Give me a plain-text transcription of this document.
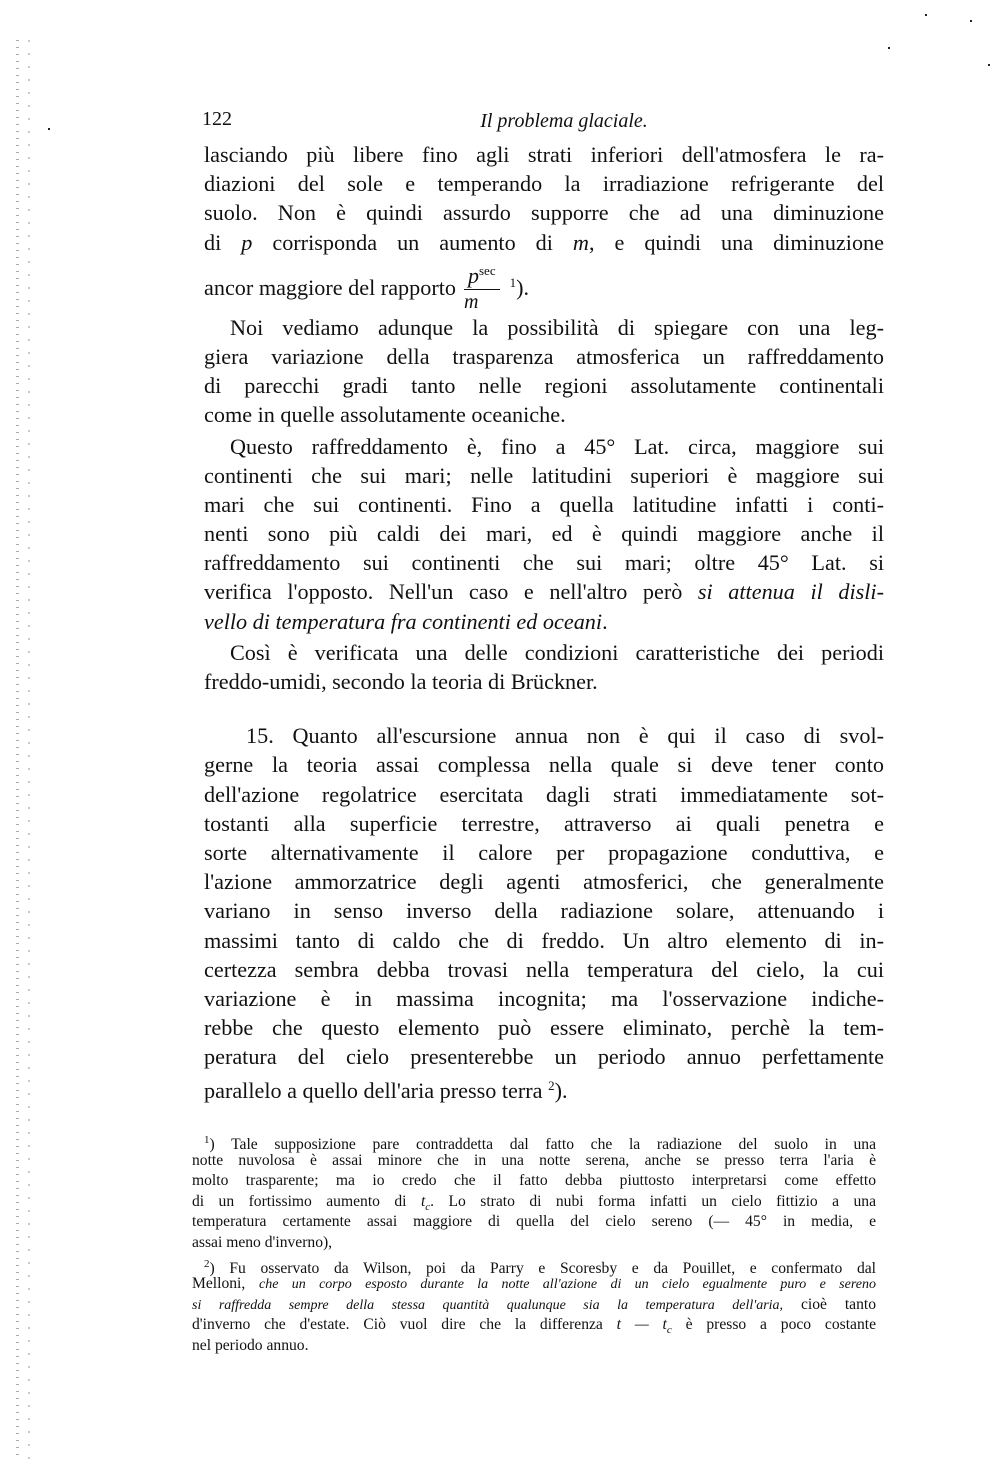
122	Il problema glaciale.
lasciando più libere fino agli strati inferiori dell'atmosfera le ra-
diazioni del sole e temperando la irradiazione refrigerante del
suolo. Non è quindi assurdo supporre che ad una diminuzione
di p corrisponda un aumento di m, e quindi una diminuzione
ancor maggiore del rapporto $\frac{p^{sec}}{m} ^1$).
Noi vediamo adunque la possibilità di spiegare con una leg-
giera variazione della trasparenza atmosferica un raffreddamento
di parecchi gradi tanto nelle regioni assolutamente continentali
come in quelle assolutamente oceaniche.
Questo raffreddamento è, fino a 45° Lat. circa, maggiore sui
continenti che sui mari; nelle latitudini superiori è maggiore sui
mari che sui continenti. Fino a quella latitudine infatti i conti-
nenti sono più caldi dei mari, ed è quindi maggiore anche il
raffreddamento sui continenti che sui mari; oltre 45° Lat. si
verifica l'opposto. Nell'un caso e nell'altro però si attenua il disli-
vello di temperatura fra continenti ed oceani.
Così è verificata una delle condizioni caratteristiche dei periodi
freddo-umidi, secondo la teoria di Brückner.
15. Quanto all'escursione annua non è qui il caso di svol-
gerne la teoria assai complessa nella quale si deve tener conto
dell'azione regolatrice esercitata dagli strati immediatamente sot-
tostanti alla superficie terrestre, attraverso ai quali penetra e
sorte alternativamente il calore per propagazione conduttiva, e
l'azione ammorzatrice degli agenti atmosferici, che generalmente
variano in senso inverso della radiazione solare, attenuando i
massimi tanto di caldo che di freddo. Un altro elemento di in-
certezza sembra debba trovasi nella temperatura del cielo, la cui
variazione è in massima incognita; ma l'osservazione indiche-
rebbe che questo elemento può essere eliminato, perchè la tem-
peratura del cielo presenterebbe un periodo annuo perfettamente
parallelo a quello dell'aria presso terra $^2$).
$^1$) Tale supposizione pare contraddetta dal fatto che la radiazione del suolo in una
notte nuvolosa è assai minore che in una notte serena, anche se presso terra l'aria è
molto trasparente; ma io credo che il fatto debba piuttosto interpretarsi come effetto
di un fortissimo aumento di $t_c$. Lo strato di nubi forma infatti un cielo fittizio a una
temperatura certamente assai maggiore di quella del cielo sereno (— 45° in media, e
assai meno d'inverno),
$^2$) Fu osservato da Wilson, poi da Parry e Scoresby e da Pouillet, e confermato dal
Melloni, che un corpo esposto durante la notte all'azione di un cielo egualmente puro e sereno
si raffredda sempre della stessa quantità qualunque sia la temperatura dell'aria, cioè tanto
d'inverno che d'estate. Ciò vuol dire che la differenza t — $t_c$ è presso a poco costante
nel periodo annuo.
